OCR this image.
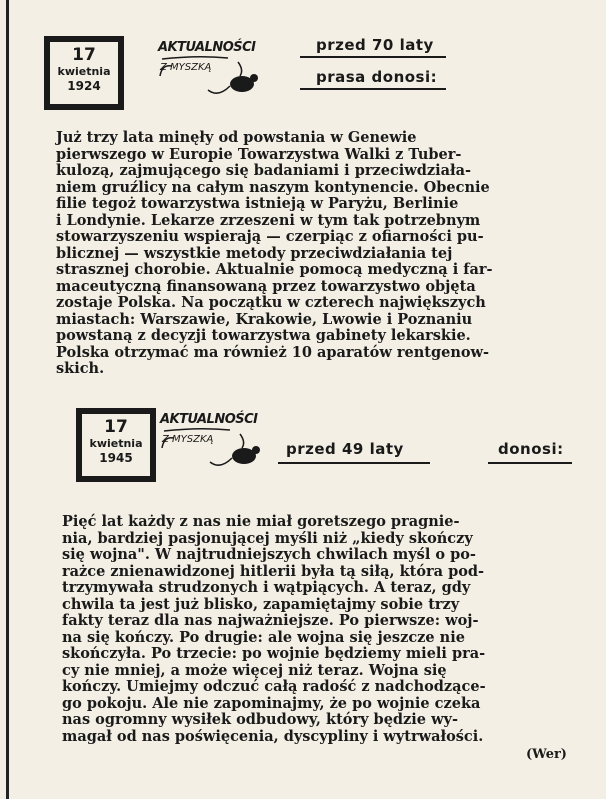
17
kwietnia
1924
AKTUALNOŚCI
Z MYSZKĄ
przed 70 laty
prasa donosi:
Już trzy lata minęły od powstania w Genewie
pierwszego w Europie Towarzystwa Walki z Tuber-
kulozą, zajmującego się badaniami i przeciwdziała-
niem gruźlicy na całym naszym kontynencie. Obecnie
filie tegoż towarzystwa istnieją w Paryżu, Berlinie
i Londynie. Lekarze zrzeszeni w tym tak potrzebnym
stowarzyszeniu wspierają — czerpiąc z ofiarności pu-
blicznej — wszystkie metody przeciwdziałania tej
strasznej chorobie. Aktualnie pomocą medyczną i far-
maceutyczną finansowaną przez towarzystwo objęta
zostaje Polska. Na początku w czterech największych
miastach: Warszawie, Krakowie, Lwowie i Poznaniu
powstaną z decyzji towarzystwa gabinety lekarskie.
Polska otrzymać ma również 10 aparatów rentgenow-
skich.
17
kwietnia
1945
AKTUALNOŚCI
Z MYSZKĄ
przed 49 laty	donosi:
Pięć lat każdy z nas nie miał goretszego pragnie-
nia, bardziej pasjonującej myśli niż „kiedy skończy
się wojna". W najtrudniejszych chwilach myśl o po-
rażce znienawidzonej hitlerii była tą siłą, która pod-
trzymywała strudzonych i wątpiących. A teraz, gdy
chwila ta jest już blisko, zapamiętajmy sobie trzy
fakty teraz dla nas najważniejsze. Po pierwsze: woj-
na się kończy. Po drugie: ale wojna się jeszcze nie
skończyła. Po trzecie: po wojnie będziemy mieli pra-
cy nie mniej, a może więcej niż teraz. Wojna się
kończy. Umiejmy odczuć całą radość z nadchodzące-
go pokoju. Ale nie zapominajmy, że po wojnie czeka
nas ogromny wysiłek odbudowy, który będzie wy-
magał od nas poświęcenia, dyscypliny i wytrwałości.
(Wer)
